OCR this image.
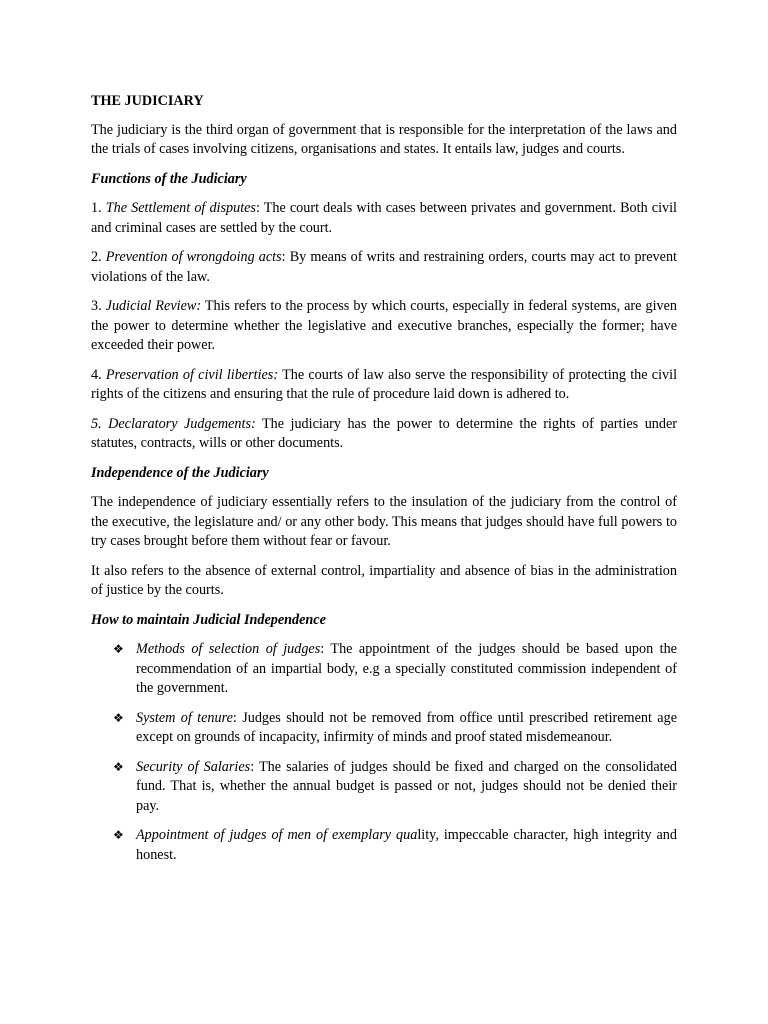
THE JUDICIARY

The judiciary is the third organ of government that is responsible for the interpretation of the laws and the trials of cases involving citizens, organisations and states. It entails law, judges and courts.

Functions of the Judiciary

1. The Settlement of disputes: The court deals with cases between privates and government. Both civil and criminal cases are settled by the court.

2. Prevention of wrongdoing acts: By means of writs and restraining orders, courts may act to prevent violations of the law.

3. Judicial Review: This refers to the process by which courts, especially in federal systems, are given the power to determine whether the legislative and executive branches, especially the former; have exceeded their power.

4. Preservation of civil liberties: The courts of law also serve the responsibility of protecting the civil rights of the citizens and ensuring that the rule of procedure laid down is adhered to.

5. Declaratory Judgements: The judiciary has the power to determine the rights of parties under statutes, contracts, wills or other documents.

Independence of the Judiciary

The independence of judiciary essentially refers to the insulation of the judiciary from the control of the executive, the legislature and/ or any other body. This means that judges should have full powers to try cases brought before them without fear or favour.

It also refers to the absence of external control, impartiality and absence of bias in the administration of justice by the courts.

How to maintain Judicial Independence

❖ Methods of selection of judges: The appointment of the judges should be based upon the recommendation of an impartial body, e.g a specially constituted commission independent of the government.
❖ System of tenure: Judges should not be removed from office until prescribed retirement age except on grounds of incapacity, infirmity of minds and proof stated misdemeanour.
❖ Security of Salaries: The salaries of judges should be fixed and charged on the consolidated fund. That is, whether the annual budget is passed or not, judges should not be denied their pay.
❖ Appointment of judges of men of exemplary quality, impeccable character, high integrity and honest.
